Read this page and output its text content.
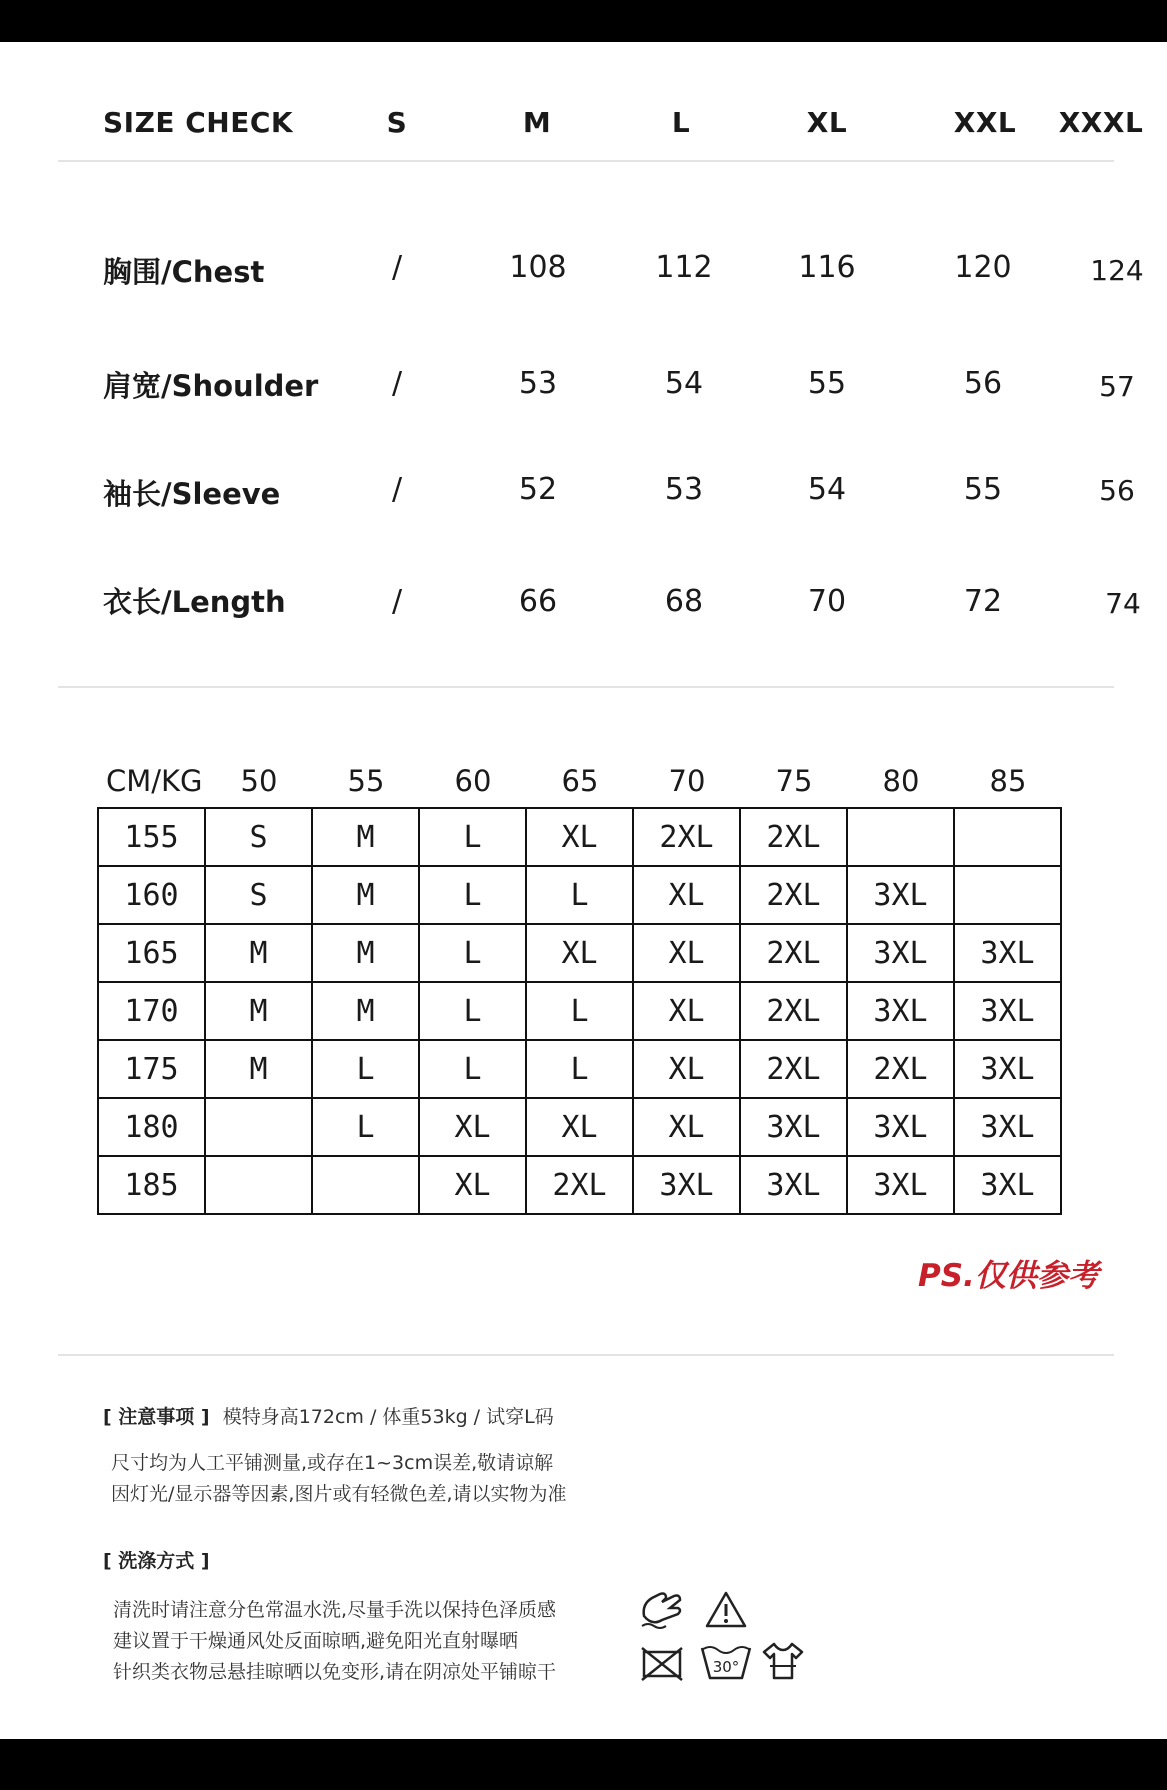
SIZE CHECK	S	M	L	XL	XXL XXXL
胸围/Chest	/	108	112	116	120	124
肩宽/Shoulder	/	53	54	55	56	57
袖长/Sleeve	/	52	53	54	55	56
衣长/Length	/	66	68	70	72	74
CM/KG	50	55	60	65	70	75	80	85
155	S	M	L	XL	2XL	2XL		
160	S	M	L	L	XL	2XL	3XL	
165	M	M	L	XL	XL	2XL	3XL	3XL
170	M	M	L	L	XL	2XL	3XL	3XL
175	M	L	L	L	XL	2XL	2XL	3XL
180		L	XL	XL	XL	3XL	3XL	3XL
185			XL	2XL	3XL	3XL	3XL	3XL
PS.仅供参考
[ 注意事项 ] 模特身高172cm / 体重53kg / 试穿L码
尺寸均为人工平铺测量,或存在1~3cm误差,敬请谅解
因灯光/显示器等因素,图片或有轻微色差,请以实物为准
[ 洗涤方式 ]
清洗时请注意分色常温水洗,尽量手洗以保持色泽质感
建议置于干燥通风处反面晾晒,避免阳光直射曝晒
针织类衣物忌悬挂晾晒以免变形,请在阴凉处平铺晾干	30°
